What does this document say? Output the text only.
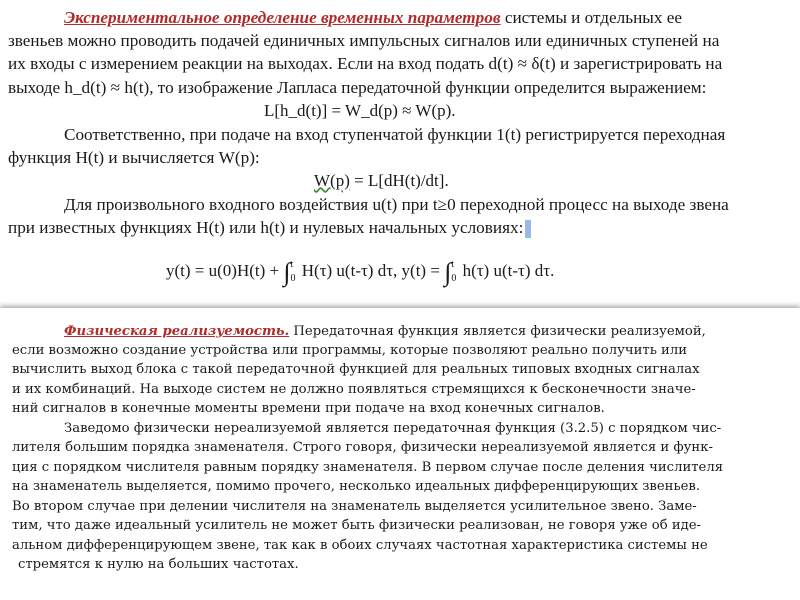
Экспериментальное определение временных параметров системы и отдельных ее
звеньев можно проводить подачей единичных импульсных сигналов или единичных ступеней на
их входы с измерением реакции на выходах. Если на вход подать d(t) ≈ δ(t) и зарегистрировать на
выходе h_d(t) ≈ h(t), то изображение Лапласа передаточной функции определится выражением:
L[h_d(t)] = W_d(p) ≈ W(p).
Соответственно, при подаче на вход ступенчатой функции 1(t) регистрируется переходная
функция H(t) и вычисляется W(p):
W(p) = L[dH(t)/dt].
Для произвольного входного воздействия u(t) при t≥0 переходной процесс на выходе звена
при известных функциях H(t) или h(t) и нулевых начальных условиях:
y(t) = u(0)H(t) + ∫t
0 H(τ) u(t-τ) dτ, y(t) = ∫t
0 h(τ) u(t-τ) dτ.
Физическая реализуемость. Передаточная функция является физически реализуемой,
если возможно создание устройства или программы, которые позволяют реально получить или
вычислить выход блока с такой передаточной функцией для реальных типовых входных сигналах
и их комбинаций. На выходе систем не должно появляться стремящихся к бесконечности значе-
ний сигналов в конечные моменты времени при подаче на вход конечных сигналов.
Заведомо физически нереализуемой является передаточная функция (3.2.5) с порядком чис-
лителя большим порядка знаменателя. Строго говоря, физически нереализуемой является и функ-
ция с порядком числителя равным порядку знаменателя. В первом случае после деления числителя
на знаменатель выделяется, помимо прочего, несколько идеальных дифференцирующих звеньев.
Во втором случае при делении числителя на знаменатель выделяется усилительное звено. Заме-
тим, что даже идеальный усилитель не может быть физически реализован, не говоря уже об иде-
альном дифференцирующем звене, так как в обоих случаях частотная характеристика системы не
стремятся к нулю на больших частотах.
